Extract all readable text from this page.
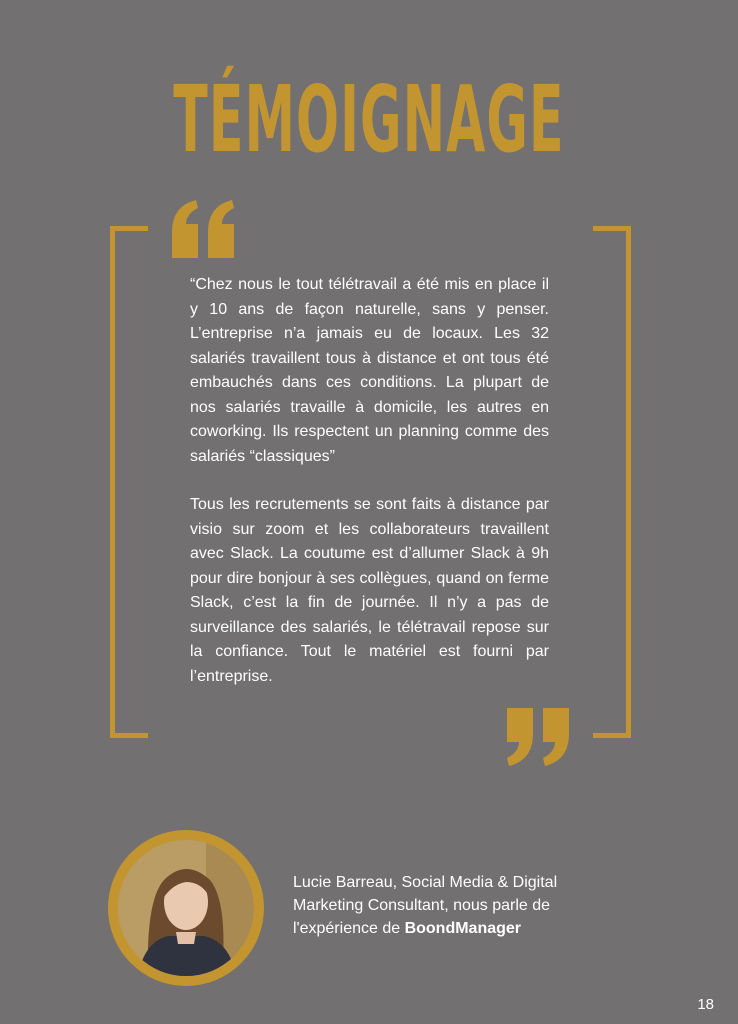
TÉMOIGNAGE

“Chez nous le tout télétravail a été mis en place il y 10 ans de façon naturelle, sans y penser. L’entreprise n’a jamais eu de locaux. Les 32 salariés travaillent tous à distance et ont tous été embauchés dans ces conditions. La plupart de nos salariés travaille à domicile, les autres en coworking. Ils respectent un planning comme des salariés “classiques”

Tous les recrutements se sont faits à distance par visio sur zoom et les collaborateurs travaillent avec Slack. La coutume est d’allumer Slack à 9h pour dire bonjour à ses collègues, quand on ferme Slack, c’est la fin de journée. Il n’y a pas de surveillance des salariés, le télétravail repose sur la confiance. Tout le matériel est fourni par l’entreprise.

Lucie Barreau, Social Media & Digital Marketing Consultant, nous parle de l'expérience de BoondManager
18
